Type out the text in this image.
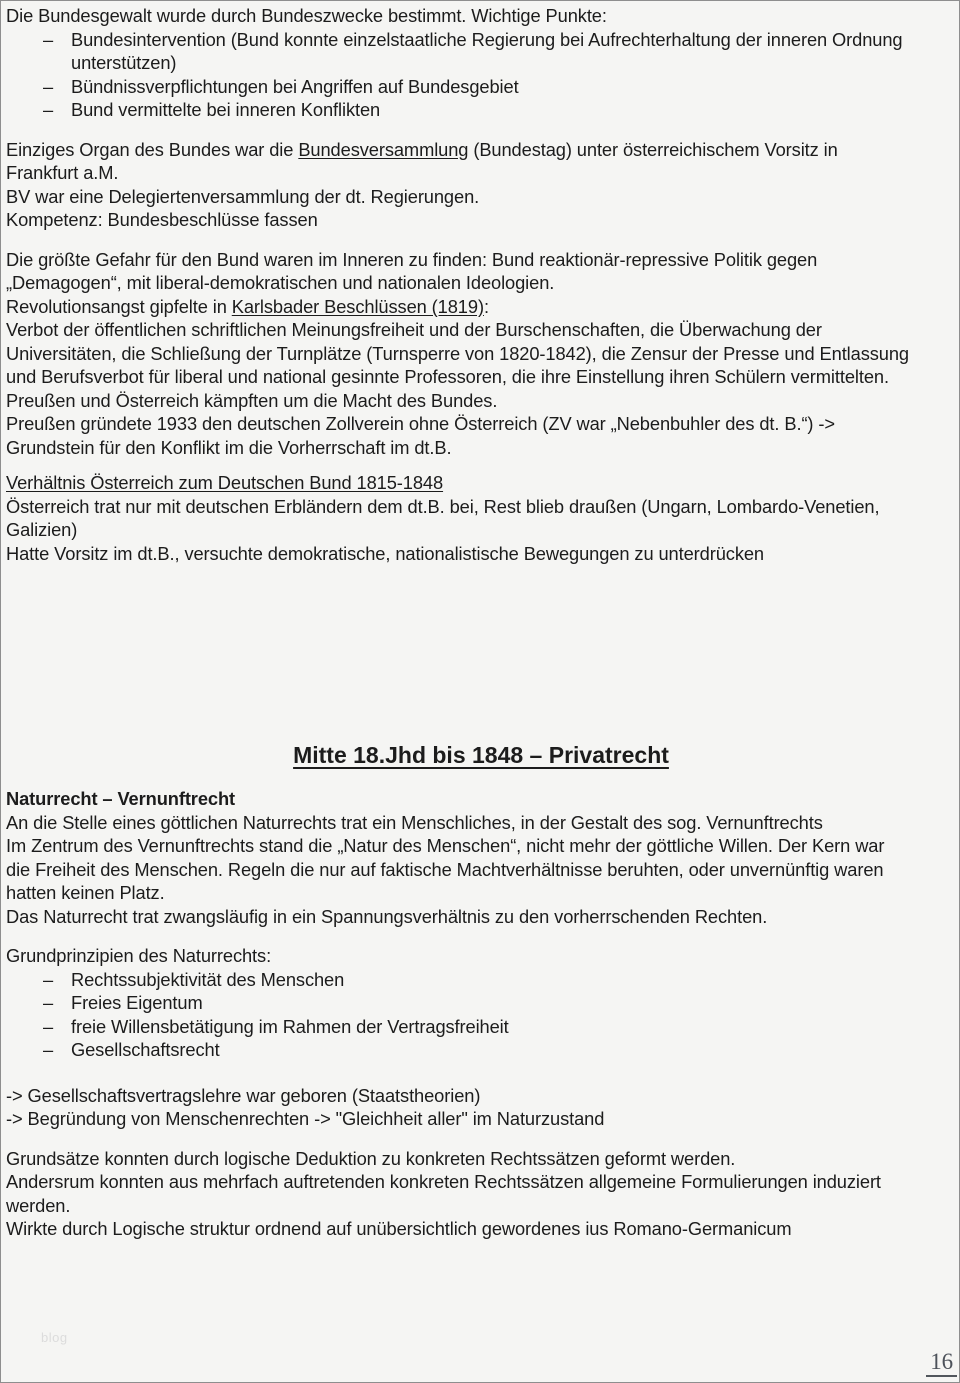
Die Bundesgewalt wurde durch Bundeszwecke bestimmt. Wichtige Punkte:
– Bundesintervention (Bund konnte einzelstaatliche Regierung bei Aufrechterhaltung der inneren Ordnung
unterstützen)
– Bündnissverpflichtungen bei Angriffen auf Bundesgebiet
– Bund vermittelte bei inneren Konflikten
Einziges Organ des Bundes war die Bundesversammlung (Bundestag) unter österreichischem Vorsitz in
Frankfurt a.M.
BV war eine Delegiertenversammlung der dt. Regierungen.
Kompetenz: Bundesbeschlüsse fassen
Die größte Gefahr für den Bund waren im Inneren zu finden: Bund reaktionär-repressive Politik gegen
„Demagogen“, mit liberal-demokratischen und nationalen Ideologien.
Revolutionsangst gipfelte in Karlsbader Beschlüssen (1819):
Verbot der öffentlichen schriftlichen Meinungsfreiheit und der Burschenschaften, die Überwachung der
Universitäten, die Schließung der Turnplätze (Turnsperre von 1820-1842), die Zensur der Presse und Entlassung
und Berufsverbot für liberal und national gesinnte Professoren, die ihre Einstellung ihren Schülern vermittelten.
Preußen und Österreich kämpften um die Macht des Bundes.
Preußen gründete 1933 den deutschen Zollverein ohne Österreich (ZV war „Nebenbuhler des dt. B.“) ->
Grundstein für den Konflikt im die Vorherrschaft im dt.B.
Verhältnis Österreich zum Deutschen Bund 1815-1848
Österreich trat nur mit deutschen Erbländern dem dt.B. bei, Rest blieb draußen (Ungarn, Lombardo-Venetien,
Galizien)
Hatte Vorsitz im dt.B., versuchte demokratische, nationalistische Bewegungen zu unterdrücken
Mitte 18.Jhd bis 1848 – Privatrecht
Naturrecht – Vernunftrecht
An die Stelle eines göttlichen Naturrechts trat ein Menschliches, in der Gestalt des sog. Vernunftrechts
Im Zentrum des Vernunftrechts stand die „Natur des Menschen“, nicht mehr der göttliche Willen. Der Kern war
die Freiheit des Menschen. Regeln die nur auf faktische Machtverhältnisse beruhten, oder unvernünftig waren
hatten keinen Platz.
Das Naturrecht trat zwangsläufig in ein Spannungsverhältnis zu den vorherrschenden Rechten.
Grundprinzipien des Naturrechts:
– Rechtssubjektivität des Menschen
– Freies Eigentum
– freie Willensbetätigung im Rahmen der Vertragsfreiheit
– Gesellschaftsrecht
-> Gesellschaftsvertragslehre war geboren (Staatstheorien)
-> Begründung von Menschenrechten -> "Gleichheit aller" im Naturzustand
Grundsätze konnten durch logische Deduktion zu konkreten Rechtssätzen geformt werden.
Andersrum konnten aus mehrfach auftretenden konkreten Rechtssätzen allgemeine Formulierungen induziert
werden.
Wirkte durch Logische struktur ordnend auf unübersichtlich gewordenes ius Romano-Germanicum
blog
16
